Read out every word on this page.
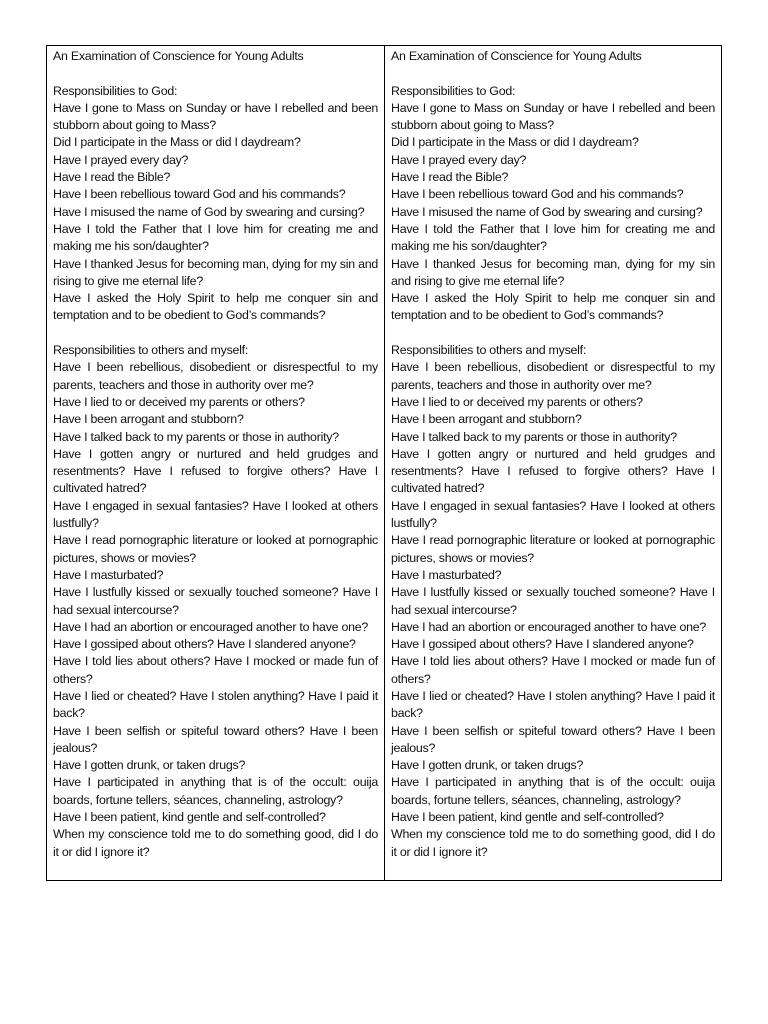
An Examination of Conscience for Young Adults

Responsibilities to God:

Have I gone to Mass on Sunday or have I rebelled and been stubborn about going to Mass?

Did I participate in the Mass or did I daydream?

Have I prayed every day?

Have I read the Bible?

Have I been rebellious toward God and his commands?

Have I misused the name of God by swearing and cursing?

Have I told the Father that I love him for creating me and making me his son/daughter?

Have I thanked Jesus for becoming man, dying for my sin and rising to give me eternal life?

Have I asked the Holy Spirit to help me conquer sin and temptation and to be obedient to God’s commands?

Responsibilities to others and myself:

Have I been rebellious, disobedient or disrespectful to my parents, teachers and those in authority over me?

Have I lied to or deceived my parents or others?

Have I been arrogant and stubborn?

Have I talked back to my parents or those in authority?

Have I gotten angry or nurtured and held grudges and resentments? Have I refused to forgive others? Have I cultivated hatred?

Have I engaged in sexual fantasies? Have I looked at others lustfully?

Have I read pornographic literature or looked at pornographic pictures, shows or movies?

Have I masturbated?

Have I lustfully kissed or sexually touched someone? Have I had sexual intercourse?

Have I had an abortion or encouraged another to have one?

Have I gossiped about others? Have I slandered anyone?

Have I told lies about others? Have I mocked or made fun of others?

Have I lied or cheated? Have I stolen anything? Have I paid it back?

Have I been selfish or spiteful toward others? Have I been jealous?

Have I gotten drunk, or taken drugs?

Have I participated in anything that is of the occult: ouija boards, fortune tellers, séances, channeling, astrology?

Have I been patient, kind gentle and self-controlled?

When my conscience told me to do something good, did I do it or did I ignore it?

An Examination of Conscience for Young Adults

Responsibilities to God:

Have I gone to Mass on Sunday or have I rebelled and been stubborn about going to Mass?

Did I participate in the Mass or did I daydream?

Have I prayed every day?

Have I read the Bible?

Have I been rebellious toward God and his commands?

Have I misused the name of God by swearing and cursing?

Have I told the Father that I love him for creating me and making me his son/daughter?

Have I thanked Jesus for becoming man, dying for my sin and rising to give me eternal life?

Have I asked the Holy Spirit to help me conquer sin and temptation and to be obedient to God’s commands?

Responsibilities to others and myself:

Have I been rebellious, disobedient or disrespectful to my parents, teachers and those in authority over me?

Have I lied to or deceived my parents or others?

Have I been arrogant and stubborn?

Have I talked back to my parents or those in authority?

Have I gotten angry or nurtured and held grudges and resentments? Have I refused to forgive others? Have I cultivated hatred?

Have I engaged in sexual fantasies? Have I looked at others lustfully?

Have I read pornographic literature or looked at pornographic pictures, shows or movies?

Have I masturbated?

Have I lustfully kissed or sexually touched someone? Have I had sexual intercourse?

Have I had an abortion or encouraged another to have one?

Have I gossiped about others? Have I slandered anyone?

Have I told lies about others? Have I mocked or made fun of others?

Have I lied or cheated? Have I stolen anything? Have I paid it back?

Have I been selfish or spiteful toward others? Have I been jealous?

Have I gotten drunk, or taken drugs?

Have I participated in anything that is of the occult: ouija boards, fortune tellers, séances, channeling, astrology?

Have I been patient, kind gentle and self-controlled?

When my conscience told me to do something good, did I do it or did I ignore it?
